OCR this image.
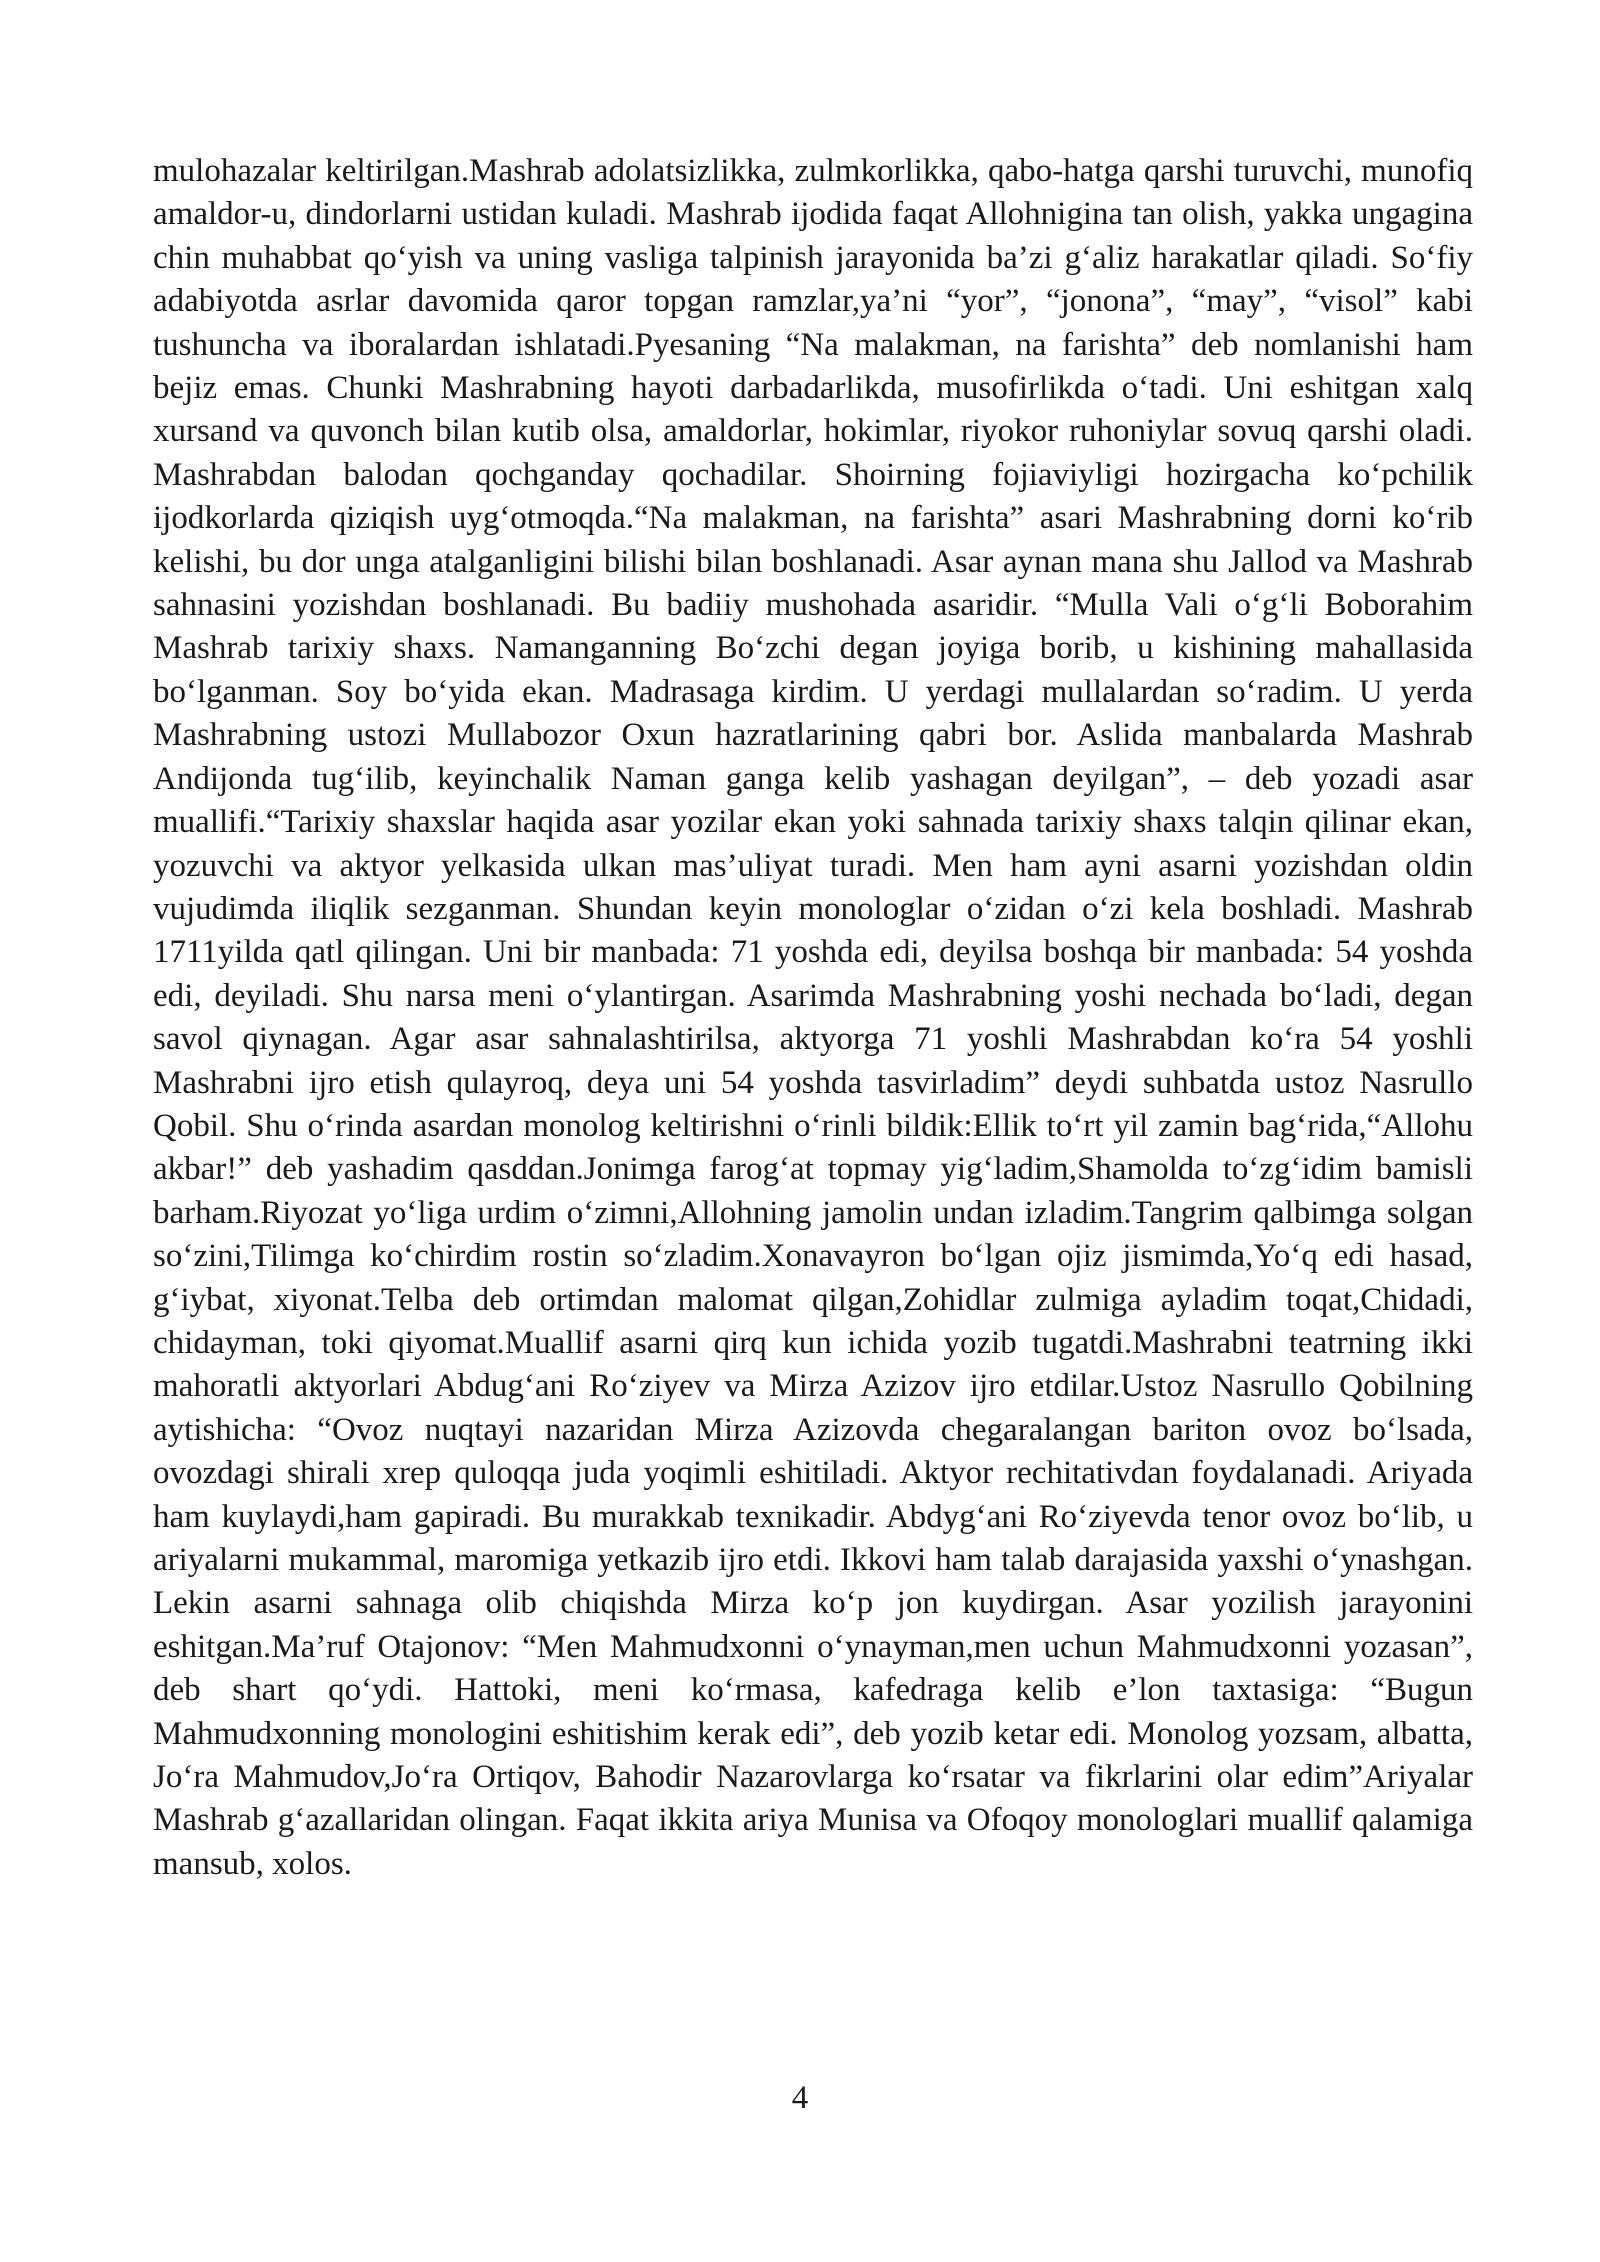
mulohazalar keltirilgan.Mashrab adolatsizlikka, zulmkorlikka, qabo-hatga qarshi turuvchi, munofiq amaldor-u, dindorlarni ustidan kuladi. Mashrab ijodida faqat Allohnigina tan olish, yakka ungagina chin muhabbat qo‘yish va uning vasliga talpinish jarayonida ba’zi g‘aliz harakatlar qiladi. So‘fiy adabiyotda asrlar davomida qaror topgan ramzlar,ya’ni “yor”, “jonona”, “may”, “visol” kabi tushuncha va iboralardan ishlatadi.Pyesaning “Na malakman, na farishta” deb nomlanishi ham bejiz emas. Chunki Mashrabning hayoti darbadarlikda, musofirlikda o‘tadi. Uni eshitgan xalq xursand va quvonch bilan kutib olsa, amaldorlar, hokimlar, riyokor ruhoniylar sovuq qarshi oladi. Mashrabdan balodan qochganday qochadilar. Shoirning fojiaviyligi hozirgacha ko‘pchilik ijodkorlarda qiziqish uyg‘otmoqda.“Na malakman, na farishta” asari Mashrabning dorni ko‘rib kelishi, bu dor unga atalganligini bilishi bilan boshlanadi. Asar aynan mana shu Jallod va Mashrab sahnasini yozishdan boshlanadi. Bu badiiy mushohada asaridir. “Mulla Vali o‘g‘li Boborahim Mashrab tarixiy shaxs. Namanganning Bo‘zchi degan joyiga borib, u kishining mahallasida bo‘lganman. Soy bo‘yida ekan. Madrasaga kirdim. U yerdagi mullalardan so‘radim. U yerda Mashrabning ustozi Mullabozor Oxun hazratlarining qabri bor. Aslida manbalarda Mashrab Andijonda tug‘ilib, keyinchalik Naman ganga kelib yashagan deyilgan”, – deb yozadi asar muallifi.“Tarixiy shaxslar haqida asar yozilar ekan yoki sahnada tarixiy shaxs talqin qilinar ekan, yozuvchi va aktyor yelkasida ulkan mas’uliyat turadi. Men ham ayni asarni yozishdan oldin vujudimda iliqlik sezganman. Shundan keyin monologlar o‘zidan o‘zi kela boshladi. Mashrab 1711yilda qatl qilingan. Uni bir manbada: 71 yoshda edi, deyilsa boshqa bir manbada: 54 yoshda edi, deyiladi. Shu narsa meni o‘ylantirgan. Asarimda Mashrabning yoshi nechada bo‘ladi, degan savol qiynagan. Agar asar sahnalashtirilsa, aktyorga 71 yoshli Mashrabdan ko‘ra 54 yoshli Mashrabni ijro etish qulayroq, deya uni 54 yoshda tasvirladim” deydi suhbatda ustoz Nasrullo Qobil. Shu o‘rinda asardan monolog keltirishni o‘rinli bildik:Ellik to‘rt yil zamin bag‘rida,“Allohu akbar!” deb yashadim qasddan.Jonimga farog‘at topmay yig‘ladim,Shamolda to‘zg‘idim bamisli barham.Riyozat yo‘liga urdim o‘zimni,Allohning jamolin undan izladim.Tangrim qalbimga solgan so‘zini,Tilimga ko‘chirdim rostin so‘zladim.Xonavayron bo‘lgan ojiz jismimda,Yo‘q edi hasad, g‘iybat, xiyonat.Telba deb ortimdan malomat qilgan,Zohidlar zulmiga ayladim toqat,Chidadi, chidayman, toki qiyomat.Muallif asarni qirq kun ichida yozib tugatdi.Mashrabni teatrning ikki mahoratli aktyorlari Abdug‘ani Ro‘ziyev va Mirza Azizov ijro etdilar.Ustoz Nasrullo Qobilning aytishicha: “Ovoz nuqtayi nazaridan Mirza Azizovda chegaralangan bariton ovoz bo‘lsada, ovozdagi shirali xrep quloqqa juda yoqimli eshitiladi. Aktyor rechitativdan foydalanadi. Ariyada ham kuylaydi,ham gapiradi. Bu murakkab texnikadir. Abdyg‘ani Ro‘ziyevda tenor ovoz bo‘lib, u ariyalarni mukammal, maromiga yetkazib ijro etdi. Ikkovi ham talab darajasida yaxshi o‘ynashgan. Lekin asarni sahnaga olib chiqishda Mirza ko‘p jon kuydirgan. Asar yozilish jarayonini eshitgan.Ma’ruf Otajonov: “Men Mahmudxonni o‘ynayman,men uchun Mahmudxonni yozasan”, deb shart qo‘ydi. Hattoki, meni ko‘rmasa, kafedraga kelib e’lon taxtasiga: “Bugun Mahmudxonning monologini eshitishim kerak edi”, deb yozib ketar edi. Monolog yozsam, albatta, Jo‘ra Mahmudov,Jo‘ra Ortiqov, Bahodir Nazarovlarga ko‘rsatar va fikrlarini olar edim”Ariyalar Mashrab g‘azallaridan olingan. Faqat ikkita ariya Munisa va Ofoqoy monologlari muallif qalamiga mansub, xolos.

4
